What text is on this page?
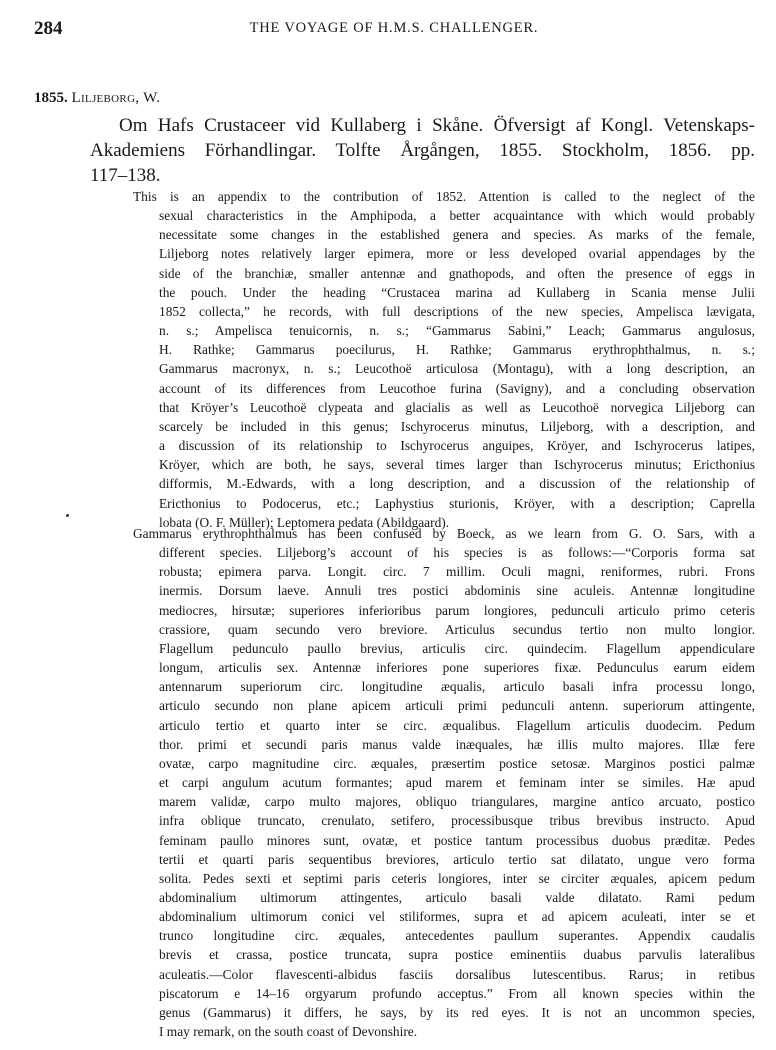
284	THE VOYAGE OF H.M.S. CHALLENGER.
1855. Liljeborg, W.
Om Hafs Crustaceer vid Kullaberg i Skåne. Öfversigt af Kongl. Vetenskaps-
Akademiens Förhandlingar. Tolfte Årgången, 1855. Stockholm, 1856. pp.
117–138.
This is an appendix to the contribution of 1852. Attention is called to the neglect of the
sexual characteristics in the Amphipoda, a better acquaintance with which would probably
necessitate some changes in the established genera and species. As marks of the female,
Liljeborg notes relatively larger epimera, more or less developed ovarial appendages by the
side of the branchiæ, smaller antennæ and gnathopods, and often the presence of eggs in
the pouch. Under the heading “Crustacea marina ad Kullaberg in Scania mense Julii
1852 collecta,” he records, with full descriptions of the new species, Ampelisca lævigata,
n. s.; Ampelisca tenuicornis, n. s.; “Gammarus Sabini,” Leach; Gammarus angulosus,
H. Rathke; Gammarus poecilurus, H. Rathke; Gammarus erythrophthalmus, n. s.;
Gammarus macronyx, n. s.; Leucothoë articulosa (Montagu), with a long description, an
account of its differences from Leucothoe furina (Savigny), and a concluding observation
that Kröyer’s Leucothoë clypeata and glacialis as well as Leucothoë norvegica Liljeborg can
scarcely be included in this genus; Ischyrocerus minutus, Liljeborg, with a description, and
a discussion of its relationship to Ischyrocerus anguipes, Kröyer, and Ischyrocerus latipes,
Kröyer, which are both, he says, several times larger than Ischyrocerus minutus; Ericthonius
difformis, M.-Edwards, with a long description, and a discussion of the relationship of
Ericthonius to Podocerus, etc.; Laphystius sturionis, Kröyer, with a description; Caprella
lobata (O. F. Müller); Leptomera pedata (Abildgaard).
Gammarus erythrophthalmus has been confused by Boeck, as we learn from G. O. Sars, with a
different species. Liljeborg’s account of his species is as follows:—“Corporis forma sat
robusta; epimera parva. Longit. circ. 7 millim. Oculi magni, reniformes, rubri. Frons
inermis. Dorsum laeve. Annuli tres postici abdominis sine aculeis. Antennæ longitudine
mediocres, hirsutæ; superiores inferioribus parum longiores, pedunculi articulo primo ceteris
crassiore, quam secundo vero breviore. Articulus secundus tertio non multo longior.
Flagellum pedunculo paullo brevius, articulis circ. quindecim. Flagellum appendiculare
longum, articulis sex. Antennæ inferiores pone superiores fixæ. Pedunculus earum eidem
antennarum superiorum circ. longitudine æqualis, articulo basali infra processu longo,
articulo secundo non plane apicem articuli primi pedunculi antenn. superiorum attingente,
articulo tertio et quarto inter se circ. æqualibus. Flagellum articulis duodecim. Pedum
thor. primi et secundi paris manus valde inæquales, hæ illis multo majores. Illæ fere
ovatæ, carpo magnitudine circ. æquales, præsertim postice setosæ. Marginos postici palmæ
et carpi angulum acutum formantes; apud marem et feminam inter se similes. Hæ apud
marem validæ, carpo multo majores, obliquo triangulares, margine antico arcuato, postico
infra oblique truncato, crenulato, setifero, processibusque tribus brevibus instructo. Apud
feminam paullo minores sunt, ovatæ, et postice tantum processibus duobus præditæ. Pedes
tertii et quarti paris sequentibus breviores, articulo tertio sat dilatato, ungue vero forma
solita. Pedes sexti et septimi paris ceteris longiores, inter se circiter æquales, apicem pedum
abdominalium ultimorum attingentes, articulo basali valde dilatato. Rami pedum
abdominalium ultimorum conici vel stiliformes, supra et ad apicem aculeati, inter se et
trunco longitudine circ. æquales, antecedentes paullum superantes. Appendix caudalis
brevis et crassa, postice truncata, supra postice eminentiis duabus parvulis lateralibus
aculeatis.—Color flavescenti-albidus fasciis dorsalibus lutescentibus. Rarus; in retibus
piscatorum e 14–16 orgyarum profundo acceptus.” From all known species within the
genus (Gammarus) it differs, he says, by its red eyes. It is not an uncommon species,
I may remark, on the south coast of Devonshire.
